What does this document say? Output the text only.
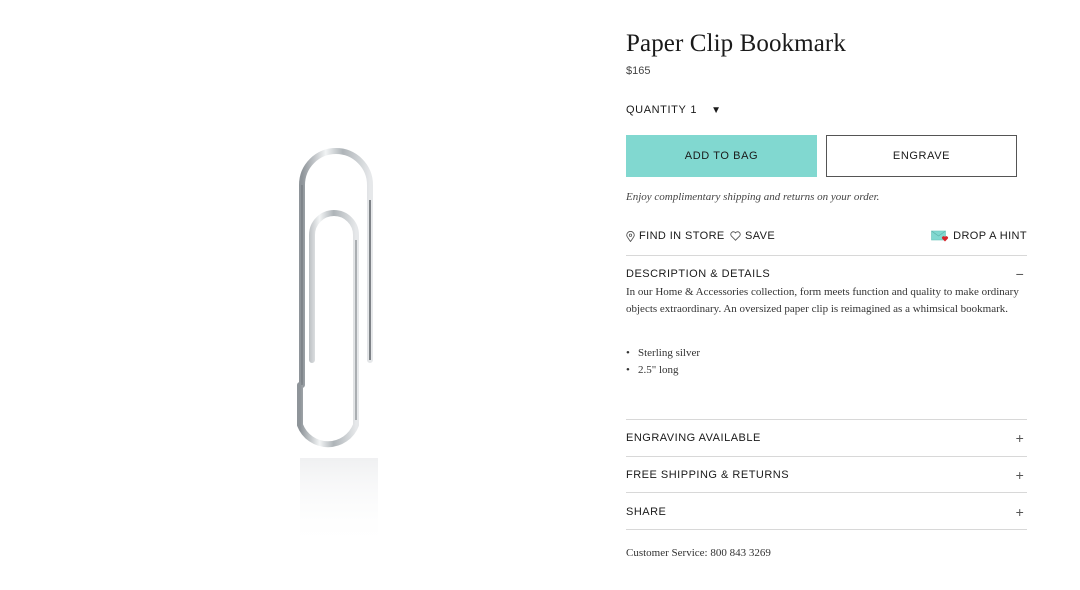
Paper Clip Bookmark
$165
QUANTITY 1 ▼
ADD TO BAG	ENGRAVE
Enjoy complimentary shipping and returns on your order.
FIND IN STORE SAVE	DROP A HINT
DESCRIPTION & DETAILS	−
In our Home & Accessories collection, form meets function and quality to make ordinary objects extraordinary. An oversized paper clip is reimagined as a whimsical bookmark.
• Sterling silver
• 2.5" long
ENGRAVING AVAILABLE	+
FREE SHIPPING & RETURNS	+
SHARE	+
Customer Service: 800 843 3269
